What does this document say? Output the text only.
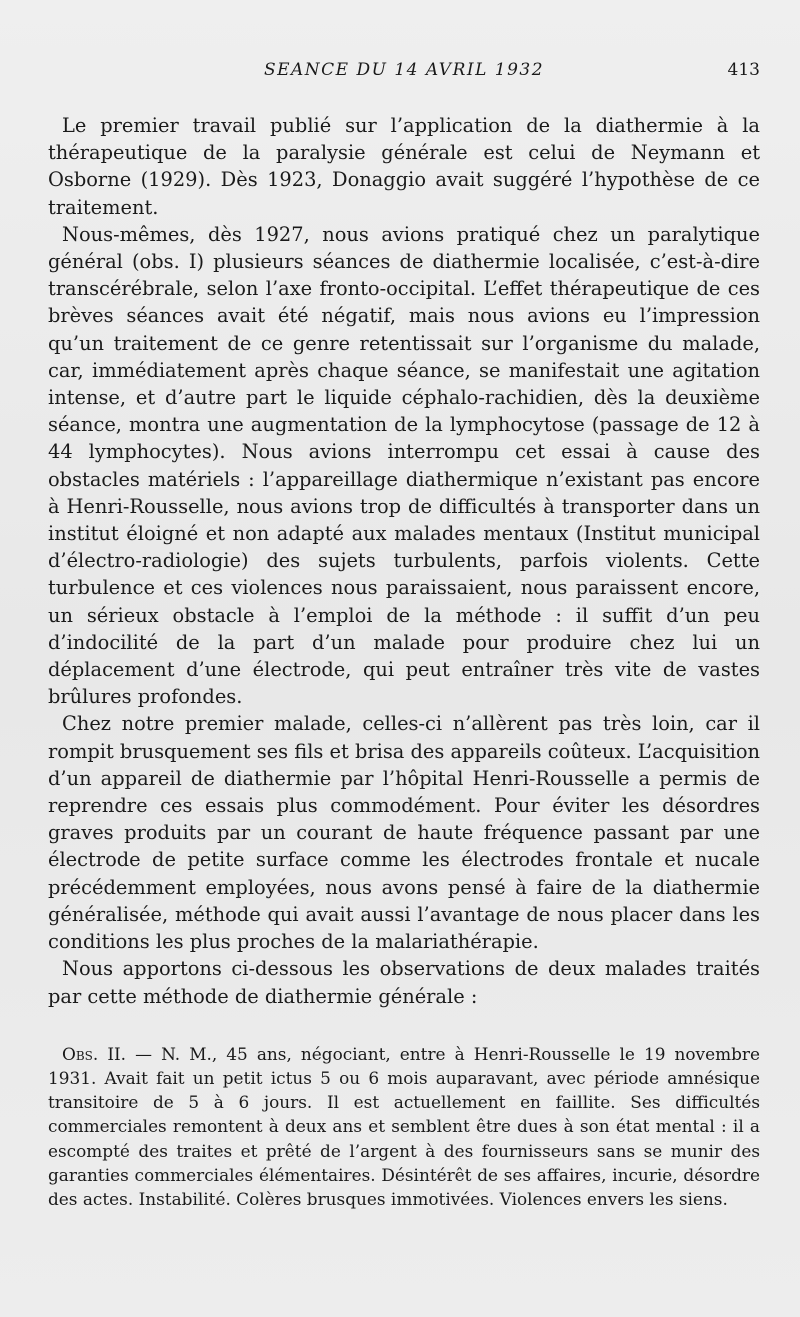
SEANCE DU 14 AVRIL 1932	413

Le premier travail publié sur l’application de la diathermie à la thérapeutique de la paralysie générale est celui de Neymann et Osborne (1929). Dès 1923, Donaggio avait suggéré l’hypothèse de ce traitement.

Nous-mêmes, dès 1927, nous avions pratiqué chez un paralytique général (obs. I) plusieurs séances de diathermie localisée, c’est-à-dire transcérébrale, selon l’axe fronto-occipital. L’effet thérapeutique de ces brèves séances avait été négatif, mais nous avions eu l’impression qu’un traitement de ce genre retentissait sur l’organisme du malade, car, immédiatement après chaque séance, se manifestait une agitation intense, et d’autre part le liquide céphalo-rachidien, dès la deuxième séance, montra une augmentation de la lymphocytose (passage de 12 à 44 lymphocytes). Nous avions interrompu cet essai à cause des obstacles matériels : l’appareillage diathermique n’existant pas encore à Henri-Rousselle, nous avions trop de difficultés à transporter dans un institut éloigné et non adapté aux malades mentaux (Institut municipal d’électro-radiologie) des sujets turbulents, parfois violents. Cette turbulence et ces violences nous paraissaient, nous paraissent encore, un sérieux obstacle à l’emploi de la méthode : il suffit d’un peu d’indocilité de la part d’un malade pour produire chez lui un déplacement d’une électrode, qui peut entraîner très vite de vastes brûlures profondes.

Chez notre premier malade, celles-ci n’allèrent pas très loin, car il rompit brusquement ses fils et brisa des appareils coûteux. L’acquisition d’un appareil de diathermie par l’hôpital Henri-Rousselle a permis de reprendre ces essais plus commodément. Pour éviter les désordres graves produits par un courant de haute fréquence passant par une électrode de petite surface comme les électrodes frontale et nucale précédemment employées, nous avons pensé à faire de la diathermie généralisée, méthode qui avait aussi l’avantage de nous placer dans les conditions les plus proches de la malariathérapie.

Nous apportons ci-dessous les observations de deux malades traités par cette méthode de diathermie générale :

Obs. II. — N. M., 45 ans, négociant, entre à Henri-Rousselle le 19 novembre 1931. Avait fait un petit ictus 5 ou 6 mois auparavant, avec période amnésique transitoire de 5 à 6 jours. Il est actuellement en faillite. Ses difficultés commerciales remontent à deux ans et semblent être dues à son état mental : il a escompté des traites et prêté de l’argent à des fournisseurs sans se munir des garanties commerciales élémentaires. Désintérêt de ses affaires, incurie, désordre des actes. Instabilité. Colères brusques immotivées. Violences envers les siens.
